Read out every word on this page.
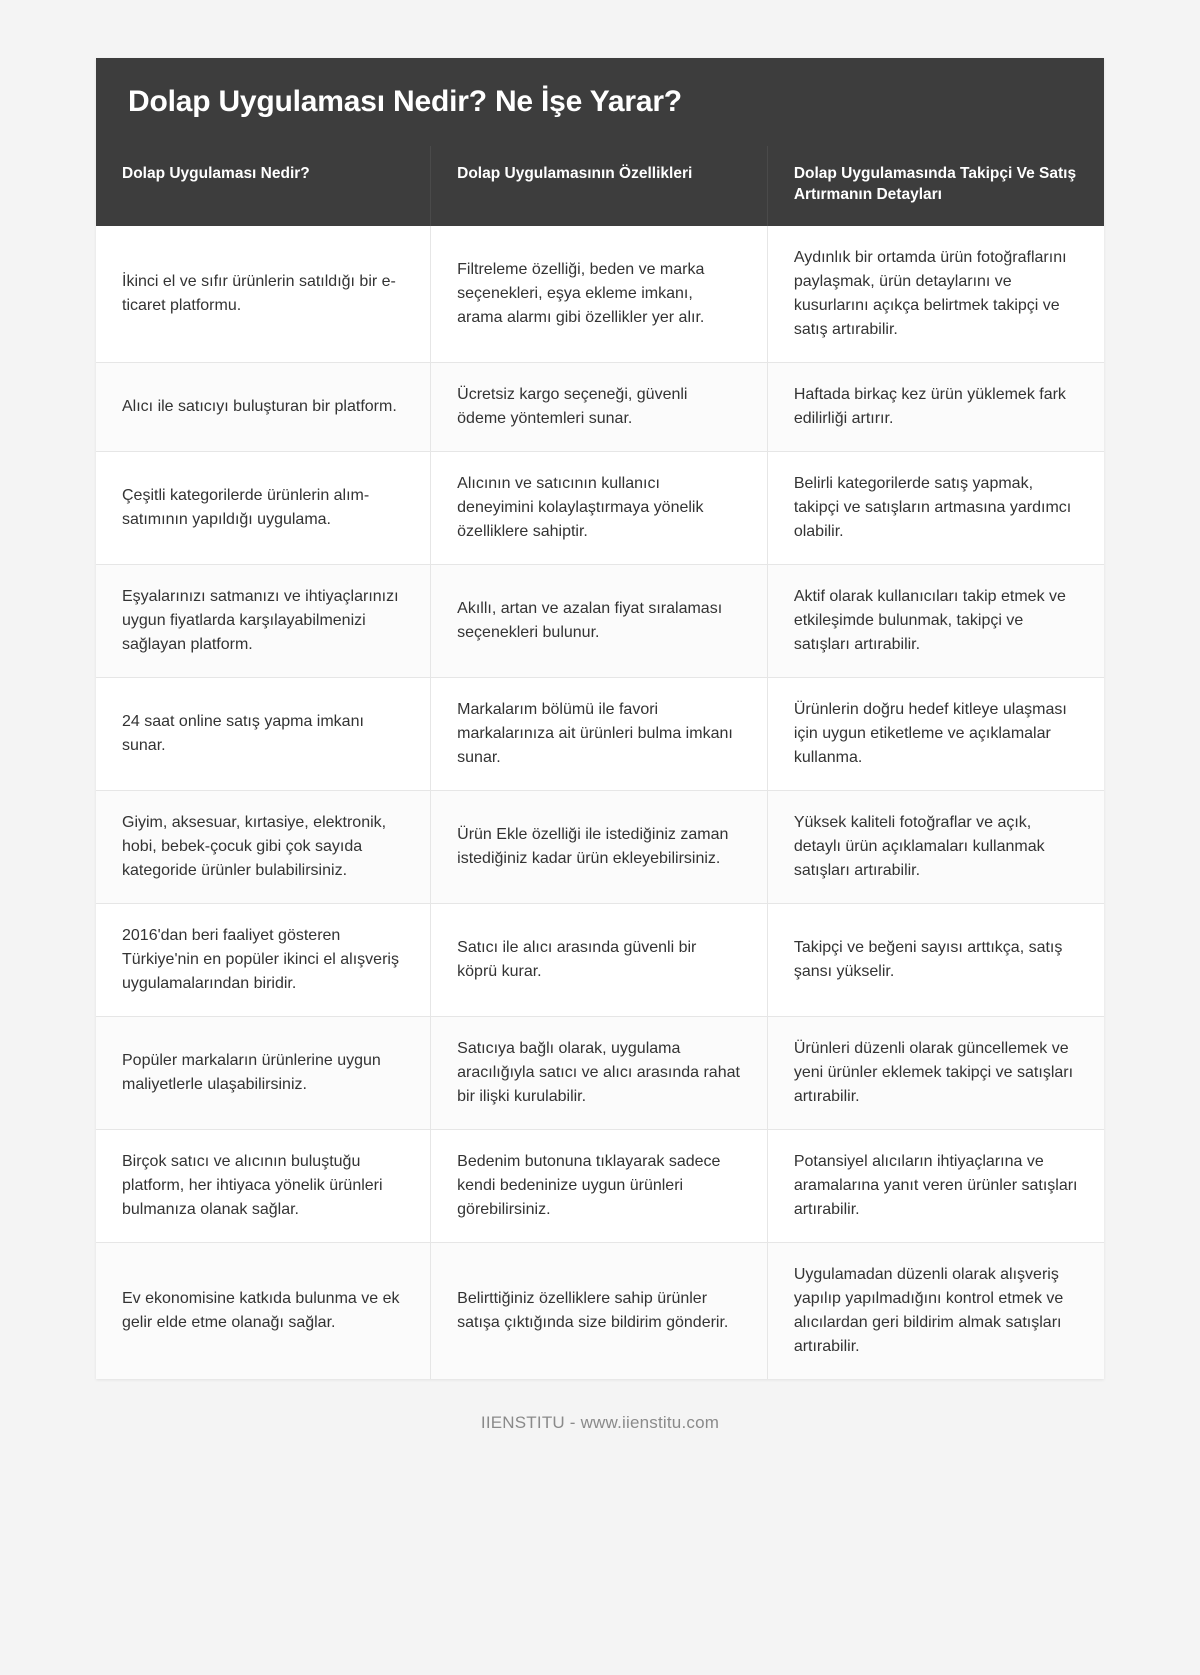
Dolap Uygulaması Nedir? Ne İşe Yarar?
Dolap Uygulaması Nedir?	Dolap Uygulamasının Özellikleri	Dolap Uygulamasında Takipçi Ve Satış Artırmanın Detayları
İkinci el ve sıfır ürünlerin satıldığı bir e-ticaret platformu.	Filtreleme özelliği, beden ve marka seçenekleri, eşya ekleme imkanı, arama alarmı gibi özellikler yer alır.	Aydınlık bir ortamda ürün fotoğraflarını paylaşmak, ürün detaylarını ve kusurlarını açıkça belirtmek takipçi ve satış artırabilir.
Alıcı ile satıcıyı buluşturan bir platform.	Ücretsiz kargo seçeneği, güvenli ödeme yöntemleri sunar.	Haftada birkaç kez ürün yüklemek fark edilirliği artırır.
Çeşitli kategorilerde ürünlerin alım-satımının yapıldığı uygulama.	Alıcının ve satıcının kullanıcı deneyimini kolaylaştırmaya yönelik özelliklere sahiptir.	Belirli kategorilerde satış yapmak, takipçi ve satışların artmasına yardımcı olabilir.
Eşyalarınızı satmanızı ve ihtiyaçlarınızı uygun fiyatlarda karşılayabilmenizi sağlayan platform.	Akıllı, artan ve azalan fiyat sıralaması seçenekleri bulunur.	Aktif olarak kullanıcıları takip etmek ve etkileşimde bulunmak, takipçi ve satışları artırabilir.
24 saat online satış yapma imkanı sunar.	Markalarım bölümü ile favori markalarınıza ait ürünleri bulma imkanı sunar.	Ürünlerin doğru hedef kitleye ulaşması için uygun etiketleme ve açıklamalar kullanma.
Giyim, aksesuar, kırtasiye, elektronik, hobi, bebek-çocuk gibi çok sayıda kategoride ürünler bulabilirsiniz.	Ürün Ekle özelliği ile istediğiniz zaman istediğiniz kadar ürün ekleyebilirsiniz.	Yüksek kaliteli fotoğraflar ve açık, detaylı ürün açıklamaları kullanmak satışları artırabilir.
2016'dan beri faaliyet gösteren Türkiye'nin en popüler ikinci el alışveriş uygulamalarından biridir.	Satıcı ile alıcı arasında güvenli bir köprü kurar.	Takipçi ve beğeni sayısı arttıkça, satış şansı yükselir.
Popüler markaların ürünlerine uygun maliyetlerle ulaşabilirsiniz.	Satıcıya bağlı olarak, uygulama aracılığıyla satıcı ve alıcı arasında rahat bir ilişki kurulabilir.	Ürünleri düzenli olarak güncellemek ve yeni ürünler eklemek takipçi ve satışları artırabilir.
Birçok satıcı ve alıcının buluştuğu platform, her ihtiyaca yönelik ürünleri bulmanıza olanak sağlar.	Bedenim butonuna tıklayarak sadece kendi bedeninize uygun ürünleri görebilirsiniz.	Potansiyel alıcıların ihtiyaçlarına ve aramalarına yanıt veren ürünler satışları artırabilir.
Ev ekonomisine katkıda bulunma ve ek gelir elde etme olanağı sağlar.	Belirttiğiniz özelliklere sahip ürünler satışa çıktığında size bildirim gönderir.	Uygulamadan düzenli olarak alışveriş yapılıp yapılmadığını kontrol etmek ve alıcılardan geri bildirim almak satışları artırabilir.
IIENSTITU - www.iienstitu.com
